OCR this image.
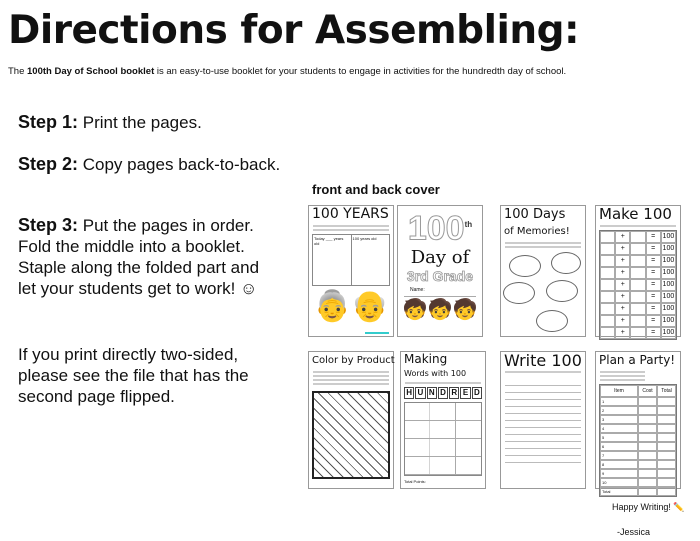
Directions for Assembling:
The 100th Day of School booklet is an easy-to-use booklet for your students to engage in activities for the hundredth day of school.
Step 1: Print the pages.
Step 2: Copy pages back-to-back.
Step 3: Put the pages in order. Fold the middle into a booklet. Staple along the folded part and let your students get to work! ☺
If you print directly two-sided, please see the file that has the second page flipped.
front and back cover
100 YEARS
Today ___ years old
100 years old
👵👴
100th
Day of
3rd Grade
Name:
🧒🧒🧒
100 Days
of Memories!
Make 100
+	=	100
+	=	100
+	=	100
+	=	100
+	=	100
+	=	100
+	=	100
+	=	100
+	=	100
Color by Product Making
Words with 100
H U N D R E D
Total Points:
Write 100 Plan a Party!
Item	Cost	Total
1
2
3
4
5
6
7
8
9
10
Total
Happy Writing! ✏️
-Jessica
